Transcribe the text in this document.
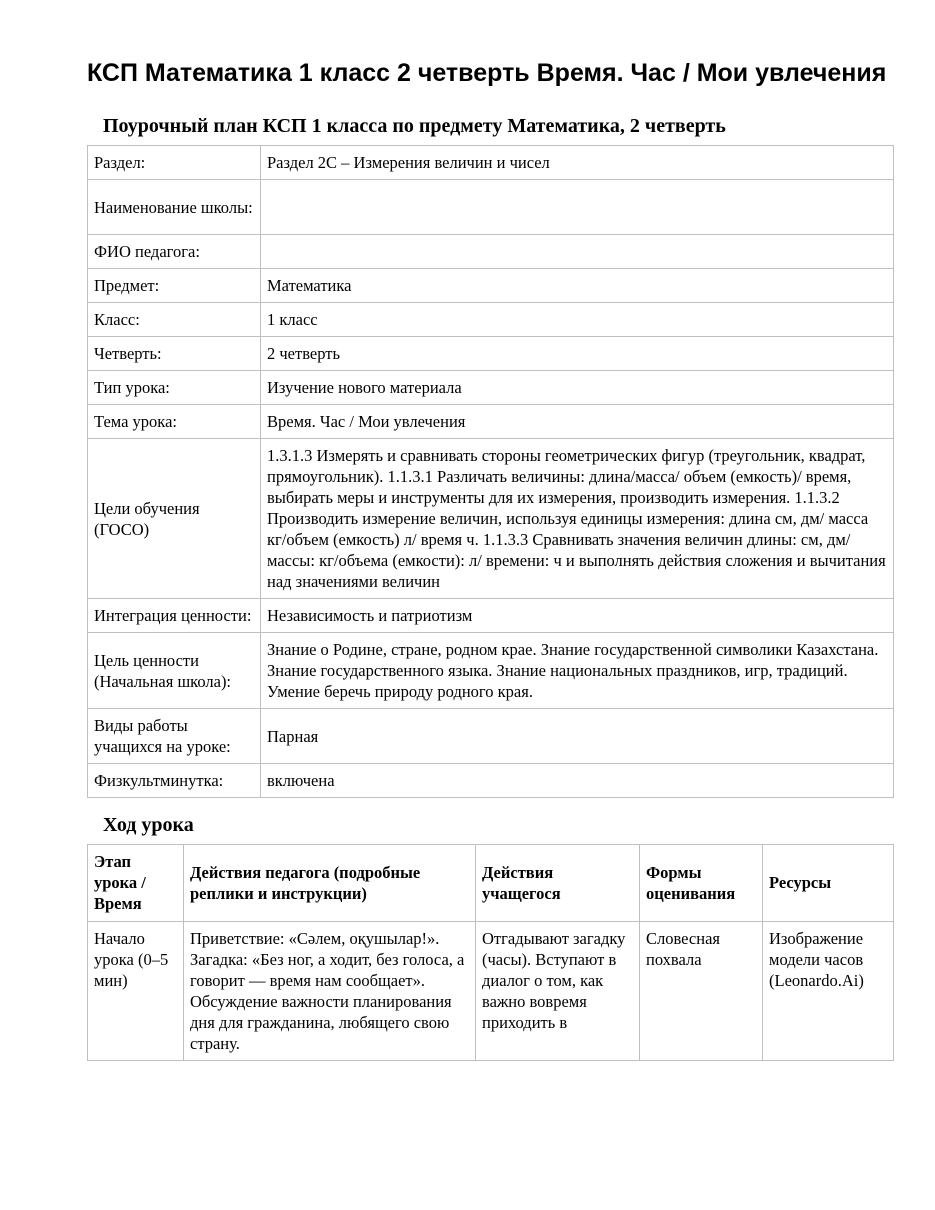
КСП Математика 1 класс 2 четверть Время. Час / Мои увлечения
Поурочный план КСП 1 класса по предмету Математика, 2 четверть
Раздел:	Раздел 2С – Измерения величин и чисел
Наименование школы:	
ФИО педагога:	
Предмет:	Математика
Класс:	1 класс
Четверть:	2 четверть
Тип урока:	Изучение нового материала
Тема урока:	Время. Час / Мои увлечения
Цели обучения (ГОСО)	1.3.1.3 Измерять и сравнивать стороны геометрических фигур (треугольник, квадрат, прямоугольник). 1.1.3.1 Различать величины: длина/масса/ объем (емкость)/ время, выбирать меры и инструменты для их измерения, производить измерения. 1.1.3.2 Производить измерение величин, используя единицы измерения: длина см, дм/ масса кг/объем (емкость) л/ время ч. 1.1.3.3 Сравнивать значения величин длины: см, дм/ массы: кг/объема (емкости): л/ времени: ч и выполнять действия сложения и вычитания над значениями величин
Интеграция ценности:	Независимость и патриотизм
Цель ценности (Начальная школа):	Знание о Родине, стране, родном крае. Знание государственной символики Казахстана. Знание государственного языка. Знание национальных праздников, игр, традиций. Умение беречь природу родного края.
Виды работы учащихся на уроке:	Парная
Физкультминутка:	включена
Ход урока
Этап урока / Время	Действия педагога (подробные реплики и инструкции)	Действия учащегося	Формы оценивания	Ресурсы
Начало урока (0–5 мин)	Приветствие: «Сәлем, оқушылар!». Загадка: «Без ног, а ходит, без голоса, а говорит — время нам сообщает». Обсуждение важности планирования дня для гражданина, любящего свою страну.	Отгадывают загадку (часы). Вступают в диалог о том, как важно вовремя приходить в	Словесная похвала	Изображение модели часов (Leonardo.Ai)
